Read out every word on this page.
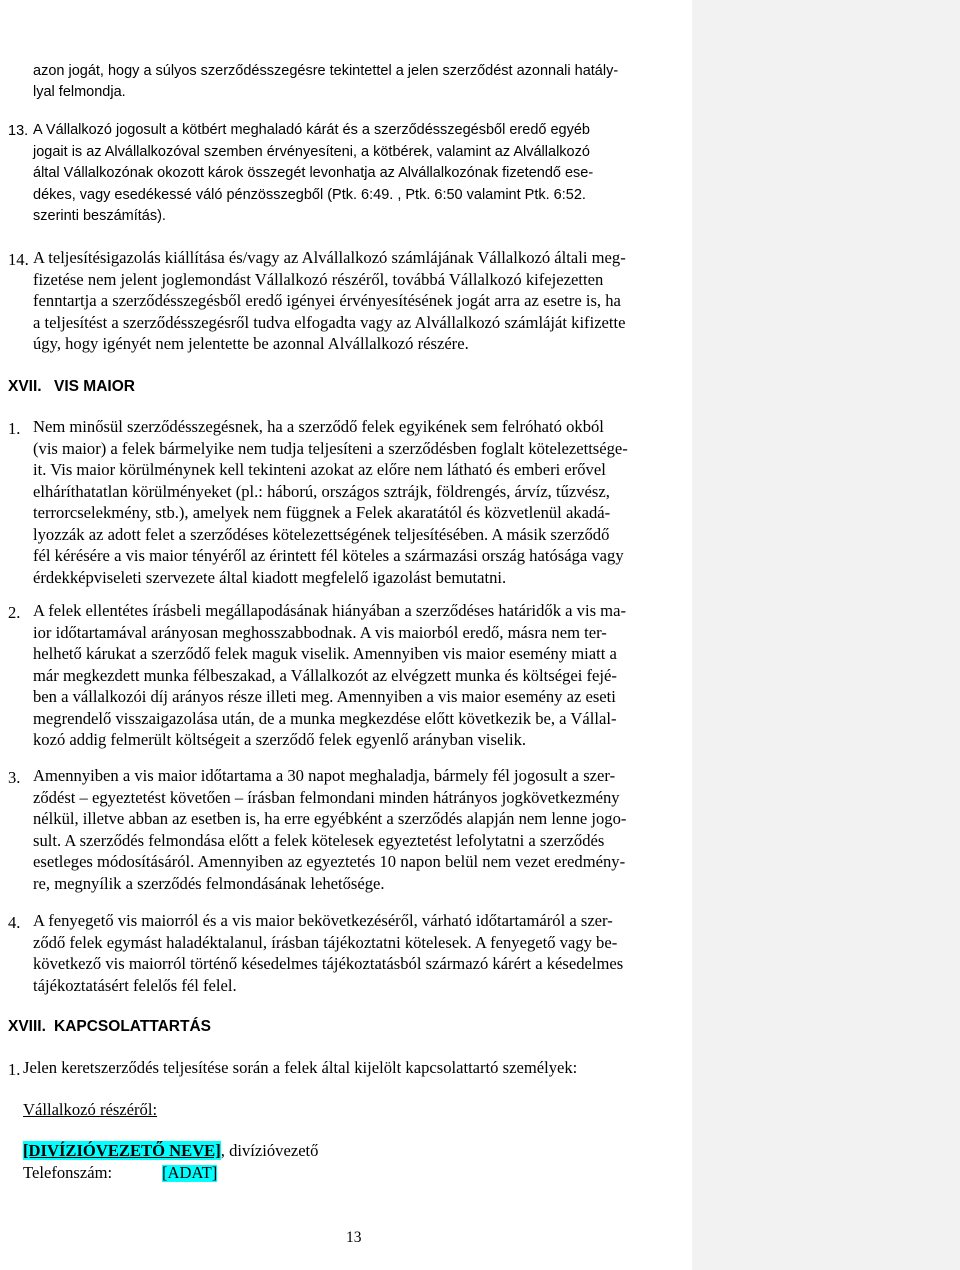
azon jogát, hogy a súlyos szerződésszegésre tekintettel a jelen szerződést azonnali hatály-
lyal felmondja.
13. A Vállalkozó jogosult a kötbért meghaladó kárát és a szerződésszegésből eredő egyéb
jogait is az Alvállalkozóval szemben érvényesíteni, a kötbérek, valamint az Alvállalkozó
által Vállalkozónak okozott károk összegét levonhatja az Alvállalkozónak fizetendő ese-
dékes, vagy esedékessé váló pénzösszegből (Ptk. 6:49. , Ptk. 6:50 valamint Ptk. 6:52.
szerinti beszámítás).
14. A teljesítésigazolás kiállítása és/vagy az Alvállalkozó számlájának Vállalkozó általi meg-
fizetése nem jelent joglemondást Vállalkozó részéről, továbbá Vállalkozó kifejezetten
fenntartja a szerződésszegésből eredő igényei érvényesítésének jogát arra az esetre is, ha
a teljesítést a szerződésszegésről tudva elfogadta vagy az Alvállalkozó számláját kifizette
úgy, hogy igényét nem jelentette be azonnal Alvállalkozó részére.
XVII. VIS MAIOR
1. Nem minősül szerződésszegésnek, ha a szerződő felek egyikének sem felróható okból
(vis maior) a felek bármelyike nem tudja teljesíteni a szerződésben foglalt kötelezettsége-
it. Vis maior körülménynek kell tekinteni azokat az előre nem látható és emberi erővel
elháríthatatlan körülményeket (pl.: háború, országos sztrájk, földrengés, árvíz, tűzvész,
terrorcselekmény, stb.), amelyek nem függnek a Felek akaratától és közvetlenül akadá-
lyozzák az adott felet a szerződéses kötelezettségének teljesítésében. A másik szerződő
fél kérésére a vis maior tényéről az érintett fél köteles a származási ország hatósága vagy
érdekképviseleti szervezete által kiadott megfelelő igazolást bemutatni.
2. A felek ellentétes írásbeli megállapodásának hiányában a szerződéses határidők a vis ma-
ior időtartamával arányosan meghosszabbodnak. A vis maiorból eredő, másra nem ter-
helhető kárukat a szerződő felek maguk viselik. Amennyiben vis maior esemény miatt a
már megkezdett munka félbeszakad, a Vállalkozót az elvégzett munka és költségei fejé-
ben a vállalkozói díj arányos része illeti meg. Amennyiben a vis maior esemény az eseti
megrendelő visszaigazolása után, de a munka megkezdése előtt következik be, a Vállal-
kozó addig felmerült költségeit a szerződő felek egyenlő arányban viselik.
3. Amennyiben a vis maior időtartama a 30 napot meghaladja, bármely fél jogosult a szer-
ződést – egyeztetést követően – írásban felmondani minden hátrányos jogkövetkezmény
nélkül, illetve abban az esetben is, ha erre egyébként a szerződés alapján nem lenne jogo-
sult. A szerződés felmondása előtt a felek kötelesek egyeztetést lefolytatni a szerződés
esetleges módosításáról. Amennyiben az egyeztetés 10 napon belül nem vezet eredmény-
re, megnyílik a szerződés felmondásának lehetősége.
4. A fenyegető vis maiorról és a vis maior bekövetkezéséről, várható időtartamáról a szer-
ződő felek egymást haladéktalanul, írásban tájékoztatni kötelesek. A fenyegető vagy be-
következő vis maiorról történő késedelmes tájékoztatásból származó kárért a késedelmes
tájékoztatásért felelős fél felel.
XVIII. KAPCSOLATTARTÁS
1. Jelen keretszerződés teljesítése során a felek által kijelölt kapcsolattartó személyek:
Vállalkozó részéről:
[DIVÍZIÓVEZETŐ NEVE], divízióvezető
Telefonszám:	[ADAT]
13
